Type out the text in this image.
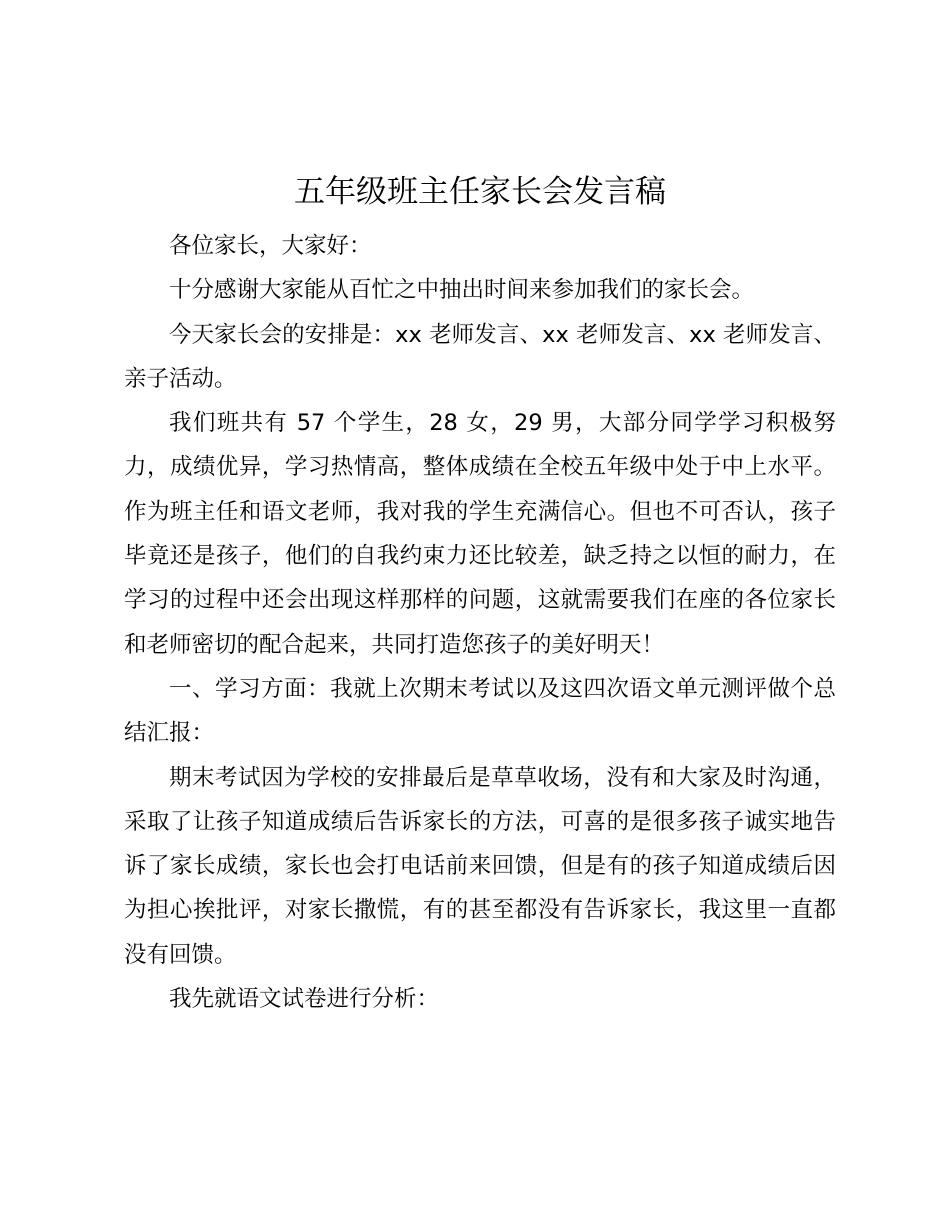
五年级班主任家长会发言稿

各位家长，大家好：

十分感谢大家能从百忙之中抽出时间来参加我们的家长会。

今天家长会的安排是：xx 老师发言、xx 老师发言、xx 老师发言、亲子活动。

我们班共有 57 个学生，28 女，29 男，大部分同学学习积极努力，成绩优异，学习热情高，整体成绩在全校五年级中处于中上水平。作为班主任和语文老师，我对我的学生充满信心。但也不可否认，孩子毕竟还是孩子，他们的自我约束力还比较差，缺乏持之以恒的耐力，在学习的过程中还会出现这样那样的问题，这就需要我们在座的各位家长和老师密切的配合起来，共同打造您孩子的美好明天！

一、学习方面：我就上次期末考试以及这四次语文单元测评做个总结汇报：

期末考试因为学校的安排最后是草草收场，没有和大家及时沟通，采取了让孩子知道成绩后告诉家长的方法，可喜的是很多孩子诚实地告诉了家长成绩，家长也会打电话前来回馈，但是有的孩子知道成绩后因为担心挨批评，对家长撒慌，有的甚至都没有告诉家长，我这里一直都没有回馈。

我先就语文试卷进行分析：
